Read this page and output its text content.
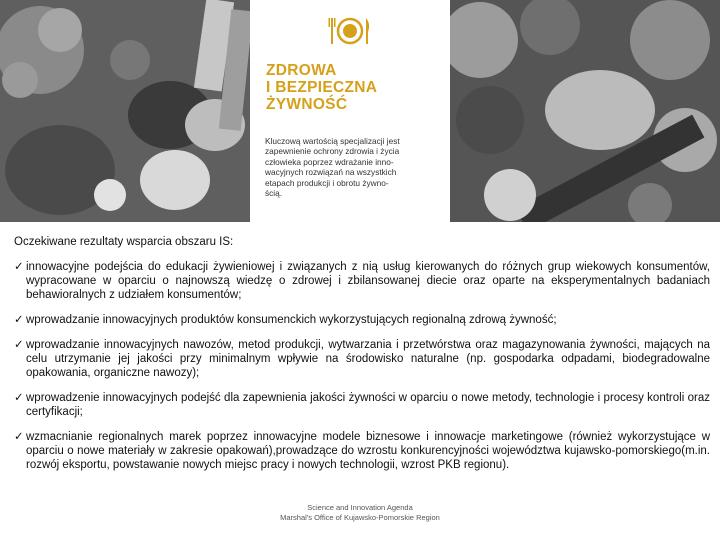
ZDROWA
I BEZPIECZNA
ŻYWNOŚĆ
Kluczową wartością specjalizacji jest
zapewnienie ochrony zdrowia i życia
człowieka poprzez wdrażanie inno-
wacyjnych rozwiązań na wszystkich
etapach produkcji i obrotu żywno-
ścią.

Oczekiwane rezultaty wsparcia obszaru IS:

✓ innowacyjne podejścia do edukacji żywieniowej i związanych z nią usług kierowanych do różnych grup wiekowych konsumentów, wypracowane w oparciu o najnowszą wiedzę o zdrowej i zbilansowanej diecie oraz oparte na eksperymentalnych badaniach behawioralnych z udziałem konsumentów;
✓ wprowadzanie innowacyjnych produktów konsumenckich wykorzystujących regionalną zdrową żywność;
✓ wprowadzanie innowacyjnych nawozów, metod produkcji, wytwarzania i przetwórstwa oraz magazynowania żywności, mających na celu utrzymanie jej jakości przy minimalnym wpływie na środowisko naturalne (np. gospodarka odpadami, biodegradowalne opakowania, organiczne nawozy);
✓ wprowadzenie innowacyjnych podejść dla zapewnienia jakości żywności w oparciu o nowe metody, technologie i procesy kontroli oraz certyfikacji;
✓ wzmacnianie regionalnych marek poprzez innowacyjne modele biznesowe i innowacje marketingowe (również wykorzystujące w oparciu o nowe materiały w zakresie opakowań),prowadzące do wzrostu konkurencyjności województwa kujawsko-pomorskiego(m.in. rozwój eksportu, powstawanie nowych miejsc pracy i nowych technologii, wzrost PKB regionu).
Science and Innovation Agenda
Marshal's Office of Kujawsko-Pomorskie Region
